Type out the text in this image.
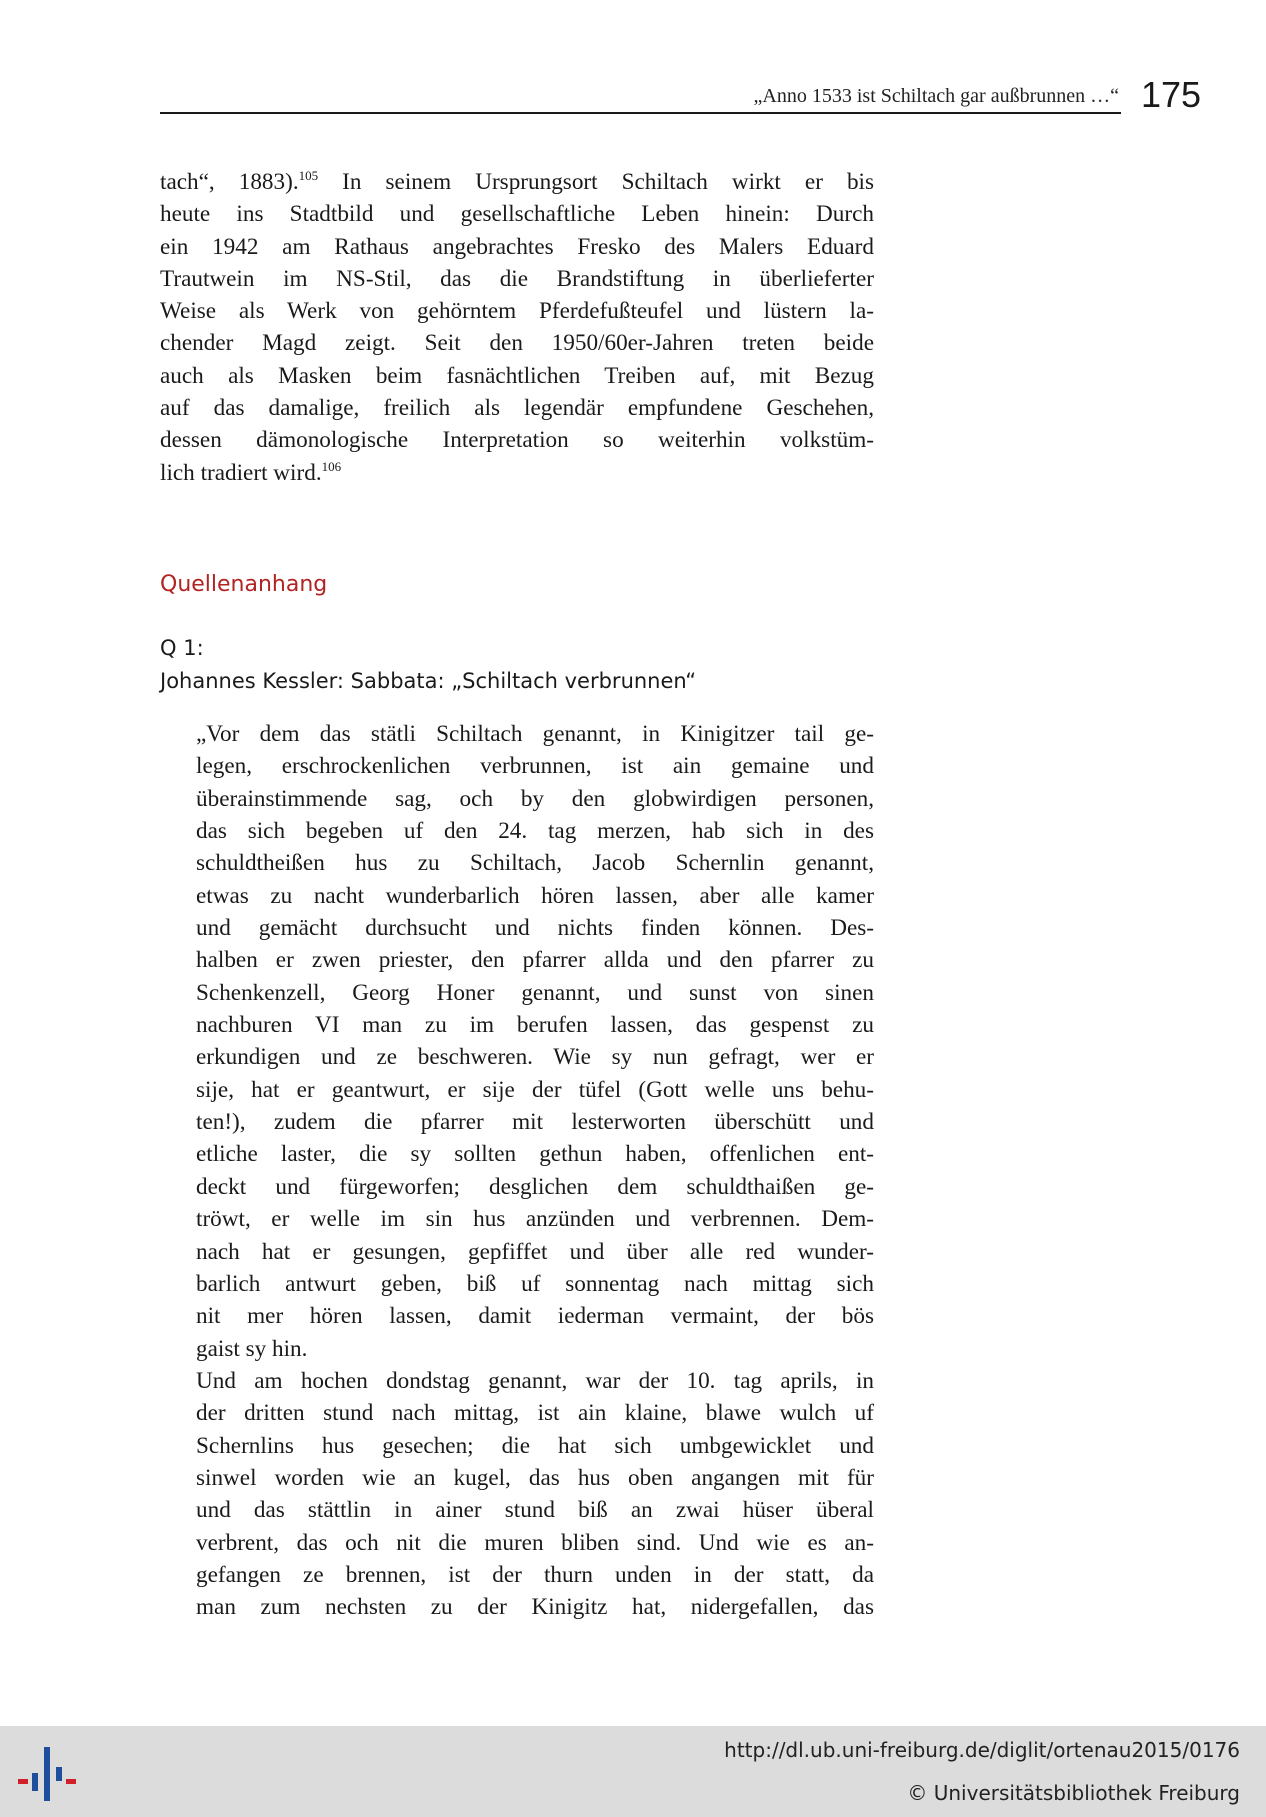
„Anno 1533 ist Schiltach gar außbrunnen …“ 175
tach“, 1883).$^{105}$ In seinem Ursprungsort Schiltach wirkt er bis
heute ins Stadtbild und gesellschaftliche Leben hinein: Durch
ein 1942 am Rathaus angebrachtes Fresko des Malers Eduard
Trautwein im NS-Stil, das die Brandstiftung in überlieferter
Weise als Werk von gehörntem Pferdefußteufel und lüstern la-
chender Magd zeigt. Seit den 1950/60er-Jahren treten beide
auch als Masken beim fasnächtlichen Treiben auf, mit Bezug
auf das damalige, freilich als legendär empfundene Geschehen,
dessen dämonologische Interpretation so weiterhin volkstüm-
lich tradiert wird.$^{106}$
Quellenanhang
Q 1:
Johannes Kessler: Sabbata: „Schiltach verbrunnen“
„Vor dem das stätli Schiltach genannt, in Kinigitzer tail ge-
legen, erschrockenlichen verbrunnen, ist ain gemaine und
überainstimmende sag, och by den globwirdigen personen,
das sich begeben uf den 24. tag merzen, hab sich in des
schuldtheißen hus zu Schiltach, Jacob Schernlin genannt,
etwas zu nacht wunderbarlich hören lassen, aber alle kamer
und gemächt durchsucht und nichts finden können. Des-
halben er zwen priester, den pfarrer allda und den pfarrer zu
Schenkenzell, Georg Honer genannt, und sunst von sinen
nachburen VI man zu im berufen lassen, das gespenst zu
erkundigen und ze beschweren. Wie sy nun gefragt, wer er
sije, hat er geantwurt, er sije der tüfel (Gott welle uns behu-
ten!), zudem die pfarrer mit lesterworten überschütt und
etliche laster, die sy sollten gethun haben, offenlichen ent-
deckt und fürgeworfen; desglichen dem schuldthaißen ge-
tröwt, er welle im sin hus anzünden und verbrennen. Dem-
nach hat er gesungen, gepfiffet und über alle red wunder-
barlich antwurt geben, biß uf sonnentag nach mittag sich
nit mer hören lassen, damit iederman vermaint, der bös
gaist sy hin.
Und am hochen dondstag genannt, war der 10. tag aprils, in
der dritten stund nach mittag, ist ain klaine, blawe wulch uf
Schernlins hus gesechen; die hat sich umbgewicklet und
sinwel worden wie an kugel, das hus oben angangen mit für
und das stättlin in ainer stund biß an zwai hüser überal
verbrent, das och nit die muren bliben sind. Und wie es an-
gefangen ze brennen, ist der thurn unden in der statt, da
man zum nechsten zu der Kinigitz hat, nidergefallen, das
http://dl.ub.uni-freiburg.de/diglit/ortenau2015/0176
© Universitätsbibliothek Freiburg
